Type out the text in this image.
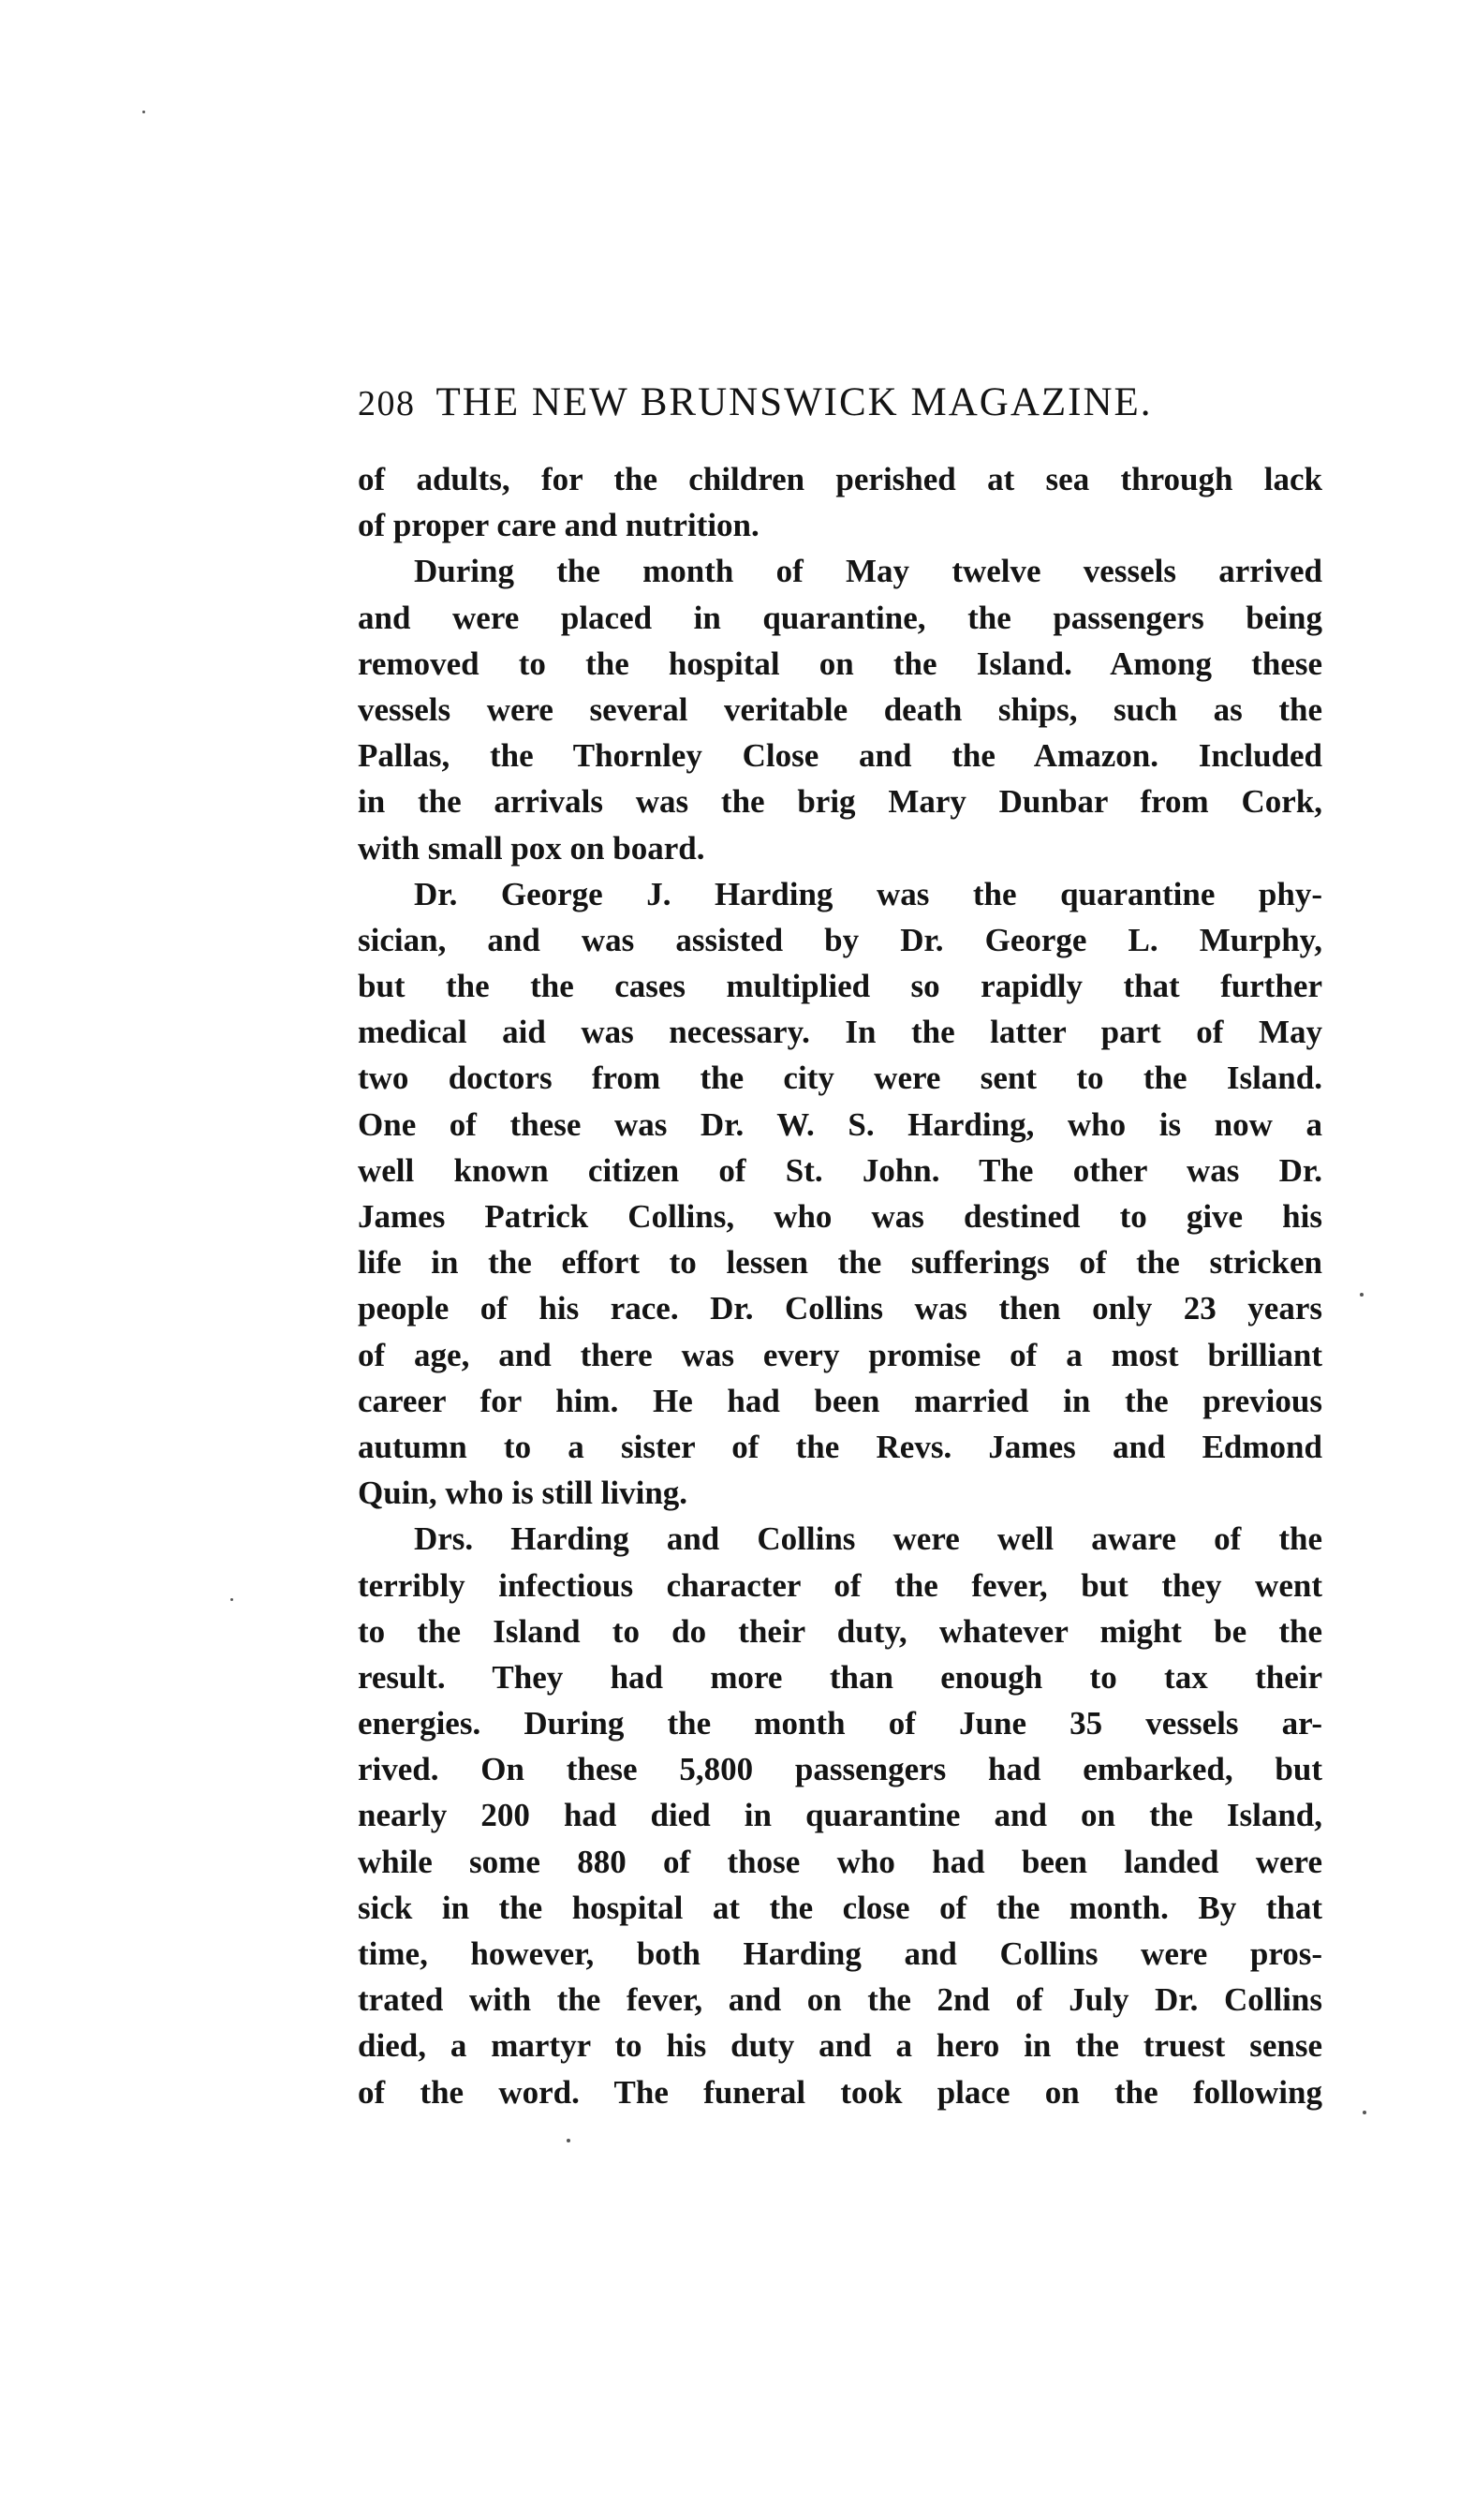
208 THE NEW BRUNSWICK MAGAZINE.
of adults, for the children perished at sea through lack
of proper care and nutrition.
During the month of May twelve vessels arrived
and were placed in quarantine, the passengers being
removed to the hospital on the Island. Among these
vessels were several veritable death ships, such as the
Pallas, the Thornley Close and the Amazon. Included
in the arrivals was the brig Mary Dunbar from Cork,
with small pox on board.
Dr. George J. Harding was the quarantine phy-
sician, and was assisted by Dr. George L. Murphy,
but the the cases multiplied so rapidly that further
medical aid was necessary. In the latter part of May
two doctors from the city were sent to the Island.
One of these was Dr. W. S. Harding, who is now a
well known citizen of St. John. The other was Dr.
James Patrick Collins, who was destined to give his
life in the effort to lessen the sufferings of the stricken
people of his race. Dr. Collins was then only 23 years
of age, and there was every promise of a most brilliant
career for him. He had been married in the previous
autumn to a sister of the Revs. James and Edmond
Quin, who is still living.
Drs. Harding and Collins were well aware of the
terribly infectious character of the fever, but they went
to the Island to do their duty, whatever might be the
result. They had more than enough to tax their
energies. During the month of June 35 vessels ar-
rived. On these 5,800 passengers had embarked, but
nearly 200 had died in quarantine and on the Island,
while some 880 of those who had been landed were
sick in the hospital at the close of the month. By that
time, however, both Harding and Collins were pros-
trated with the fever, and on the 2nd of July Dr. Collins
died, a martyr to his duty and a hero in the truest sense
of the word. The funeral took place on the following
